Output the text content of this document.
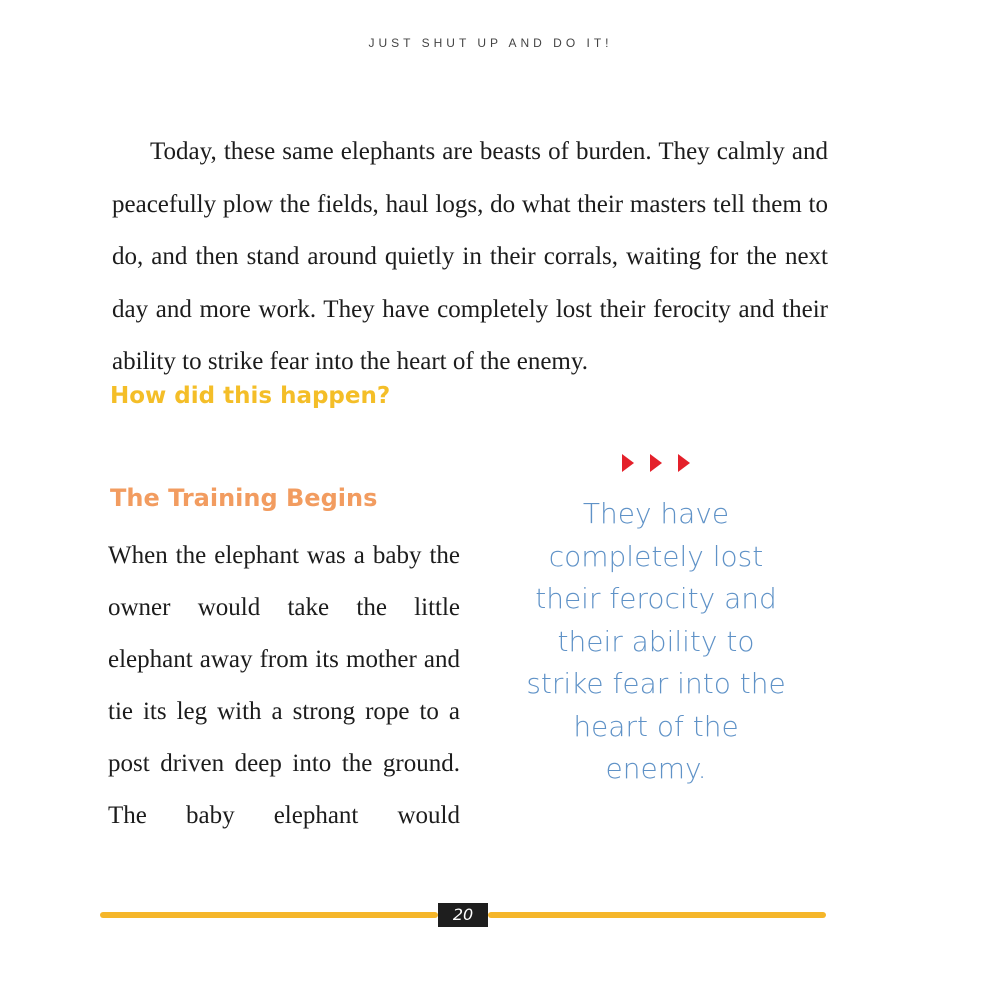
JUST SHUT UP AND DO IT!

Today, these same elephants are beasts of burden. They calmly and peacefully plow the fields, haul logs, do what their masters tell them to do, and then stand around quietly in their corrals, waiting for the next day and more work. They have completely lost their ferocity and their ability to strike fear into the heart of the enemy.

How did this happen?

The Training Begins

When the elephant was a baby the owner would take the little elephant away from its mother and tie its leg with a strong rope to a post driven deep into the ground. The baby elephant would

They have completely lost their ferocity and their ability to strike fear into the heart of the enemy.

20
